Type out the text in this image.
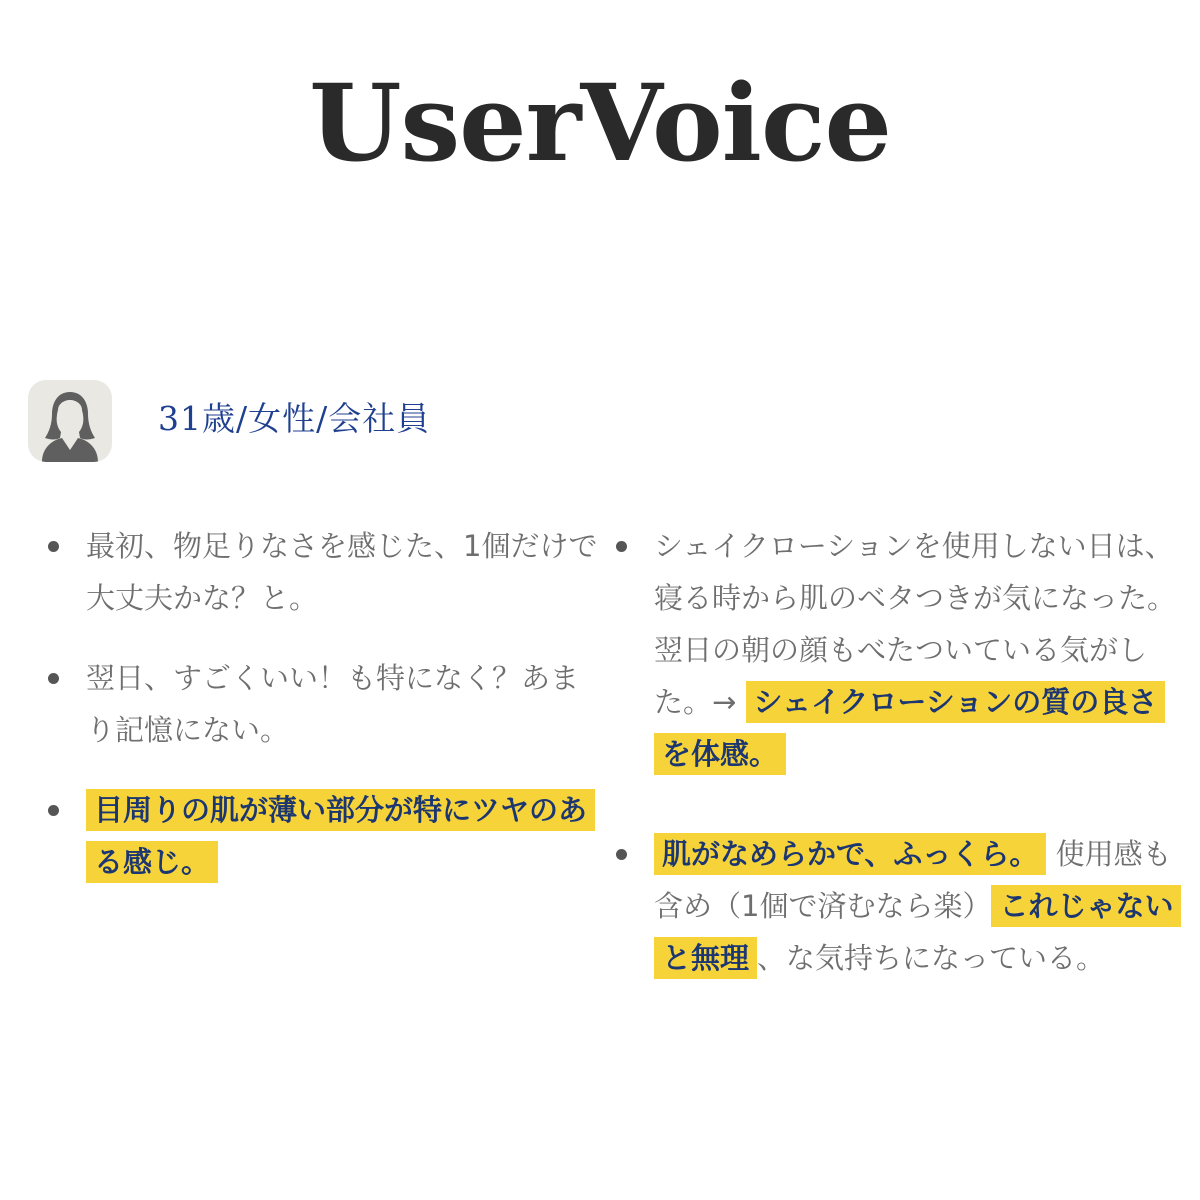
UserVoice
31歳/女性/会社員
最初、物足りなさを感じた、1個だけで大丈夫かな？と。
翌日、すごくいい！も特になく？あまり記憶にない。
目周りの肌が薄い部分が特にツヤのある感じ。
シェイクローションを使用しない日は、寝る時から肌のベタつきが気になった。翌日の朝の顔もべたついている気がした。→ シェイクローションの質の良さを体感。
肌がなめらかで、ふっくら。 使用感も含め（1個で済むなら楽） これじゃないと無理 、な気持ちになっている。
